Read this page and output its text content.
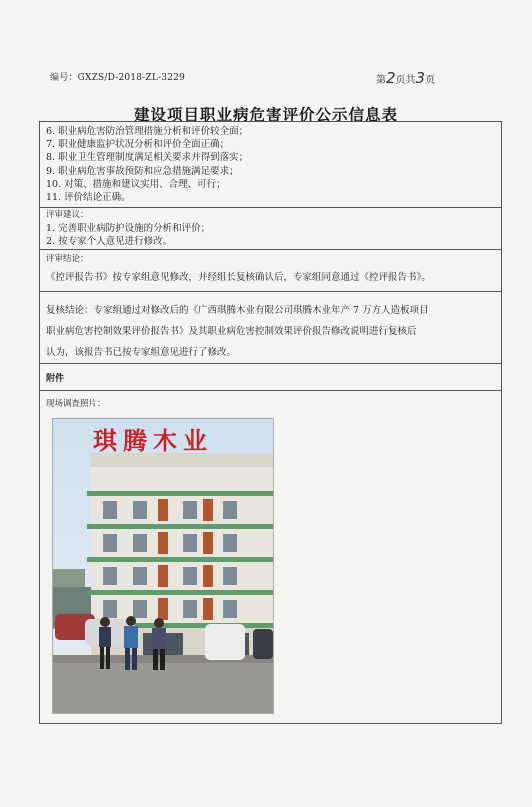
编号：GXZS/D-2018-ZL-3229	第2页共3页
建设项目职业病危害评价公示信息表
6. 职业病危害防治管理措施分析和评价较全面；
7. 职业健康监护状况分析和评价全面正确；
8. 职业卫生管理制度满足相关要求并得到落实；
9. 职业病危害事故预防和应急措施满足要求；
10. 对策、措施和建议实用、合理、可行；
11. 评价结论正确。
评审建议：
1. 完善职业病防护设施的分析和评价；
2. 按专家个人意见进行修改。
评审结论：
《控评报告书》按专家组意见修改，并经组长复核确认后，专家组同意通过《控评报告书》。
复核结论：专家组通过对修改后的《广西琪腾木业有限公司琪腾木业年产 7 万方人造板项目
职业病危害控制效果评价报告书》及其职业病危害控制效果评价报告修改说明进行复核后
认为，该报告书已按专家组意见进行了修改。
附件
现场调查照片：
琪腾木业
